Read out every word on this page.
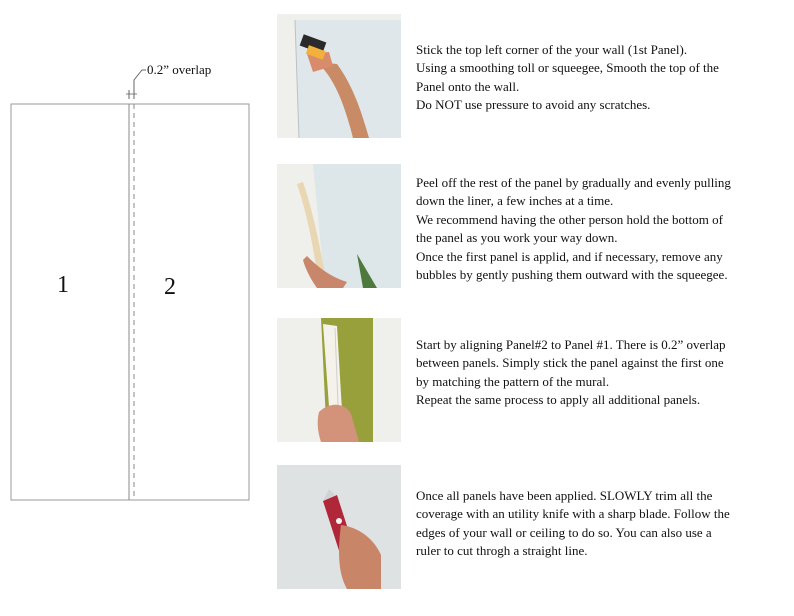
0.2” overlap
1	2

Stick the top left corner of the your wall (1st Panel).

Using a smoothing toll or squeegee, Smooth the top of the

Panel onto the wall.

Do NOT use pressure to avoid any scratches.

Peel off the rest of the panel by gradually and evenly pulling

down the liner, a few inches at a time.

We recommend having the other person hold the bottom of

the panel as you work your way down.

Once the first panel is applid, and if necessary, remove any

bubbles by gently pushing them outward with the squeegee.

Start by aligning Panel#2 to Panel #1. There is 0.2” overlap

between panels. Simply stick the panel against the first one

by matching the pattern of the mural.

Repeat the same process to apply all additional panels.

Once all panels have been applied. SLOWLY trim all the

coverage with an utility knife with a sharp blade. Follow the

edges of your wall or ceiling to do so. You can also use a

ruler to cut throgh a straight line.
